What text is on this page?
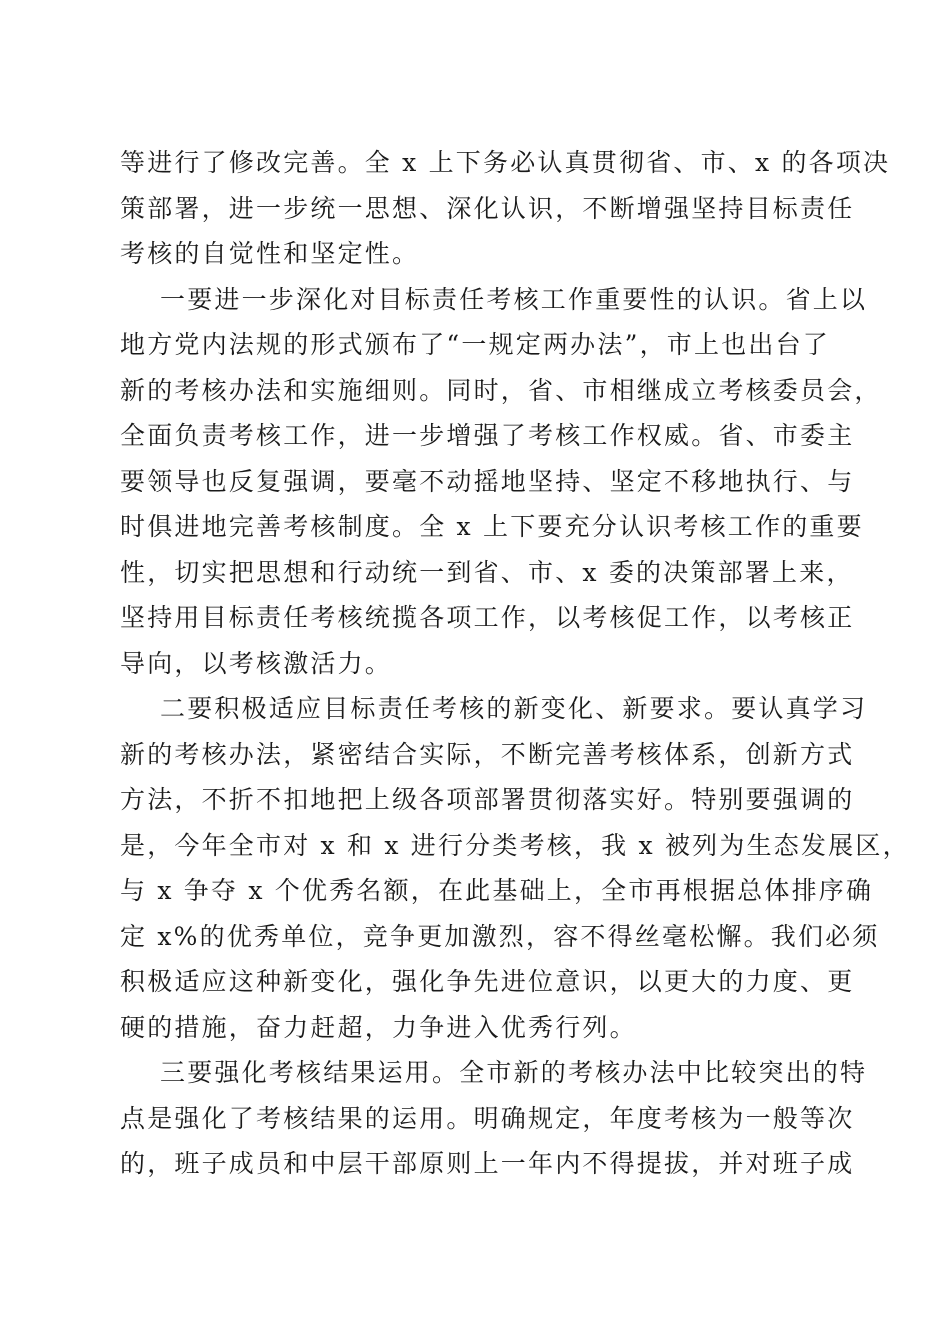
等进行了修改完善。全 x 上下务必认真贯彻省、市、x 的各项决
策部署，进一步统一思想、深化认识，不断增强坚持目标责任
考核的自觉性和坚定性。
一要进一步深化对目标责任考核工作重要性的认识。省上以
地方党内法规的形式颁布了“一规定两办法”，市上也出台了
新的考核办法和实施细则。同时，省、市相继成立考核委员会，
全面负责考核工作，进一步增强了考核工作权威。省、市委主
要领导也反复强调，要毫不动摇地坚持、坚定不移地执行、与
时俱进地完善考核制度。全 x 上下要充分认识考核工作的重要
性，切实把思想和行动统一到省、市、x 委的决策部署上来，
坚持用目标责任考核统揽各项工作，以考核促工作，以考核正
导向，以考核激活力。
二要积极适应目标责任考核的新变化、新要求。要认真学习
新的考核办法，紧密结合实际，不断完善考核体系，创新方式
方法，不折不扣地把上级各项部署贯彻落实好。特别要强调的
是，今年全市对 x 和 x 进行分类考核，我 x 被列为生态发展区，
与 x 争夺 x 个优秀名额，在此基础上，全市再根据总体排序确
定 x%的优秀单位，竞争更加激烈，容不得丝毫松懈。我们必须
积极适应这种新变化，强化争先进位意识，以更大的力度、更
硬的措施，奋力赶超，力争进入优秀行列。
三要强化考核结果运用。全市新的考核办法中比较突出的特
点是强化了考核结果的运用。明确规定，年度考核为一般等次
的，班子成员和中层干部原则上一年内不得提拔，并对班子成
